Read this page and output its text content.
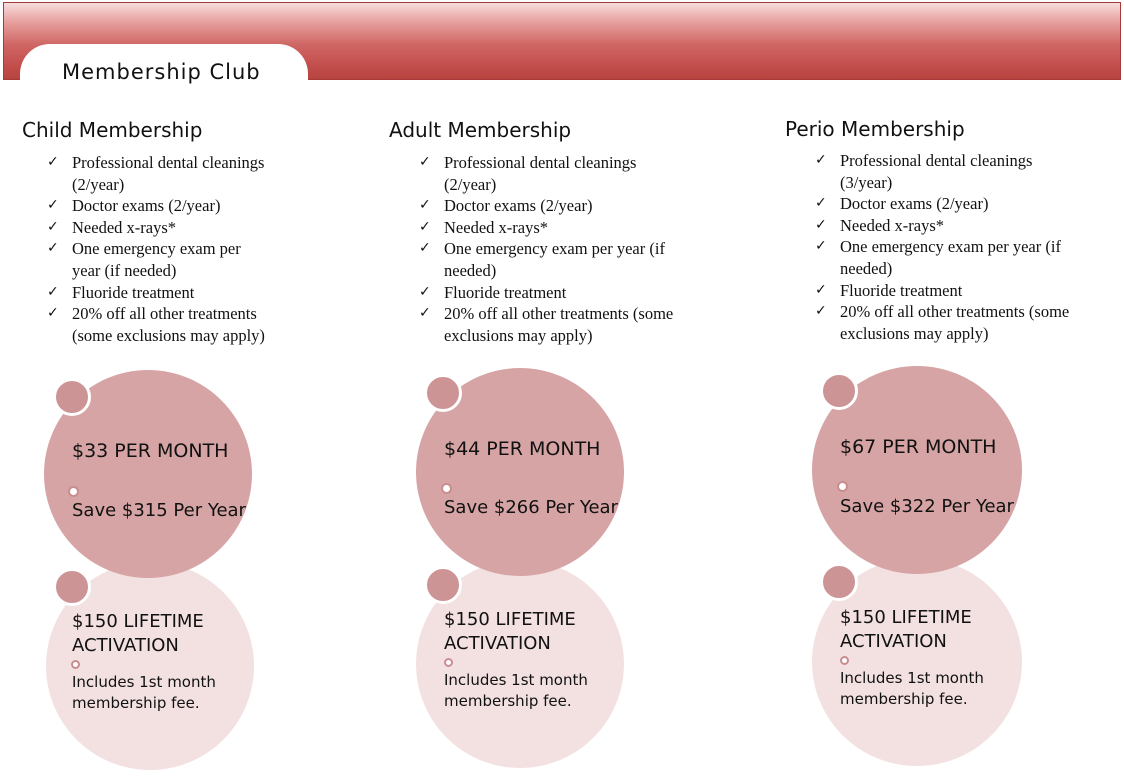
Membership Club
Child Membership
✓ Professional dental cleanings
(2/year)
✓ Doctor exams (2/year)
✓ Needed x-rays*
✓ One emergency exam per
year (if needed)
✓ Fluoride treatment
✓ 20% off all other treatments
(some exclusions may apply)
$33 PER MONTH
Save $315 Per Year
$150 LIFETIME ACTIVATION
Includes 1st month membership fee.
Adult Membership
✓ Professional dental cleanings
(2/year)
✓ Doctor exams (2/year)
✓ Needed x-rays*
✓ One emergency exam per year (if
needed)
✓ Fluoride treatment
✓ 20% off all other treatments (some
exclusions may apply)
$44 PER MONTH
Save $266 Per Year
$150 LIFETIME ACTIVATION
Includes 1st month membership fee.
Perio Membership
✓ Professional dental cleanings
(3/year)
✓ Doctor exams (2/year)
✓ Needed x-rays*
✓ One emergency exam per year (if
needed)
✓ Fluoride treatment
✓ 20% off all other treatments (some
exclusions may apply)
$67 PER MONTH
Save $322 Per Year
$150 LIFETIME ACTIVATION
Includes 1st month membership fee.
